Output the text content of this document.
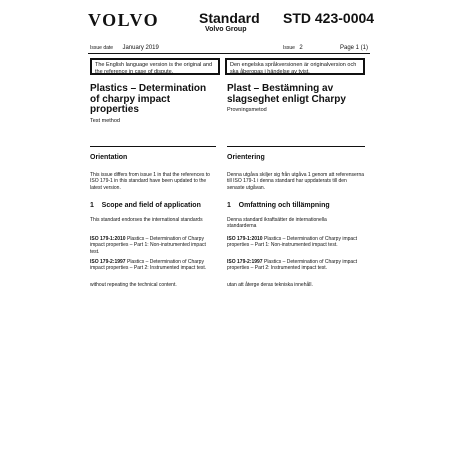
VOLVO	Standard
Volvo Group
STD 423-0004
Issue date January 2019	Issue 2	Page 1 (1)
The English language version is the original and the reference in case of dispute.
Den engelska språkversionen är originalversion och ska åberopas i händelse av tvist.

Plastics – Determination of charpy impact properties

Test method

Plast – Bestämning av slagseghet enligt Charpy

Provningsmetod
Orientation	Orientering
This issue differs from issue 1 in that the references to ISO 179-1 in this standard have been updated to the latest version.
Denna utgåva skiljer sig från utgåva 1 genom att referenserna till ISO 179-1 i denna standard har uppdaterats till den senaste utgåvan.
1    Scope and field of application	1    Omfattning och tillämpning
This standard endorses the international standards	Denna standard ikraftsätter de internationella standarderna
ISO 179-1:2010 Plastics – Determination of Charpy impact properties – Part 1: Non-instrumented impact test.
ISO 179-1:2010 Plastics – Determination of Charpy impact properties – Part 1: Non-instrumented impact test.
ISO 179-2:1997 Plastics – Determination of Charpy impact properties – Part 2: Instrumented impact test.
ISO 179-2:1997 Plastics – Determination of Charpy impact properties – Part 2: Instrumented impact test.
without repeating the technical content.	utan att återge deras tekniska innehåll.
